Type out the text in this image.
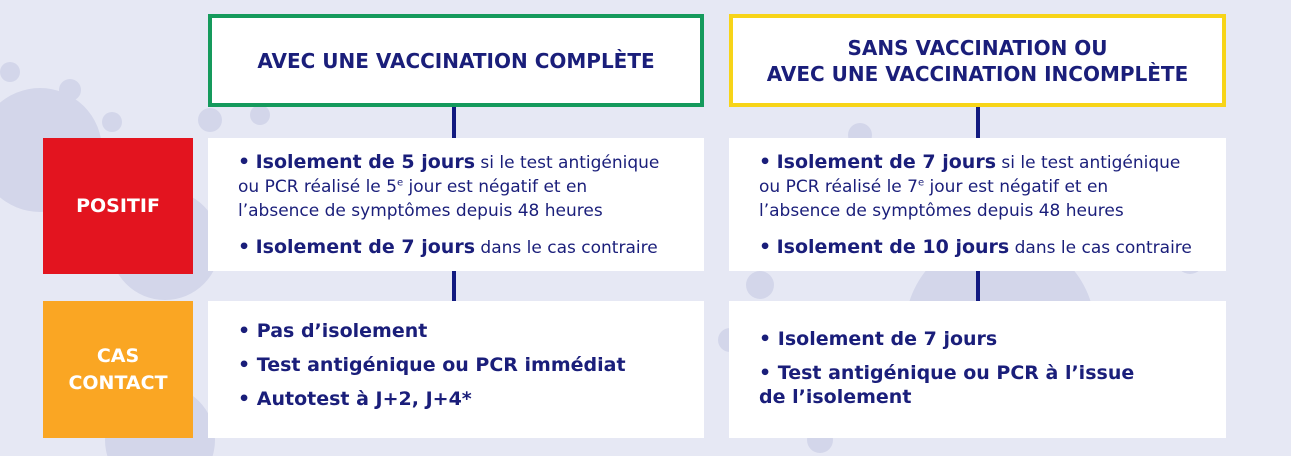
AVEC UNE VACCINATION COMPLÈTE
SANS VACCINATION OU
AVEC UNE VACCINATION INCOMPLÈTE
POSITIF
CAS
CONTACT

• Isolement de 5 jours si le test antigénique
ou PCR réalisé le 5e jour est négatif et en
l’absence de symptômes depuis 48 heures

• Isolement de 7 jours dans le cas contraire

• Isolement de 7 jours si le test antigénique
ou PCR réalisé le 7e jour est négatif et en
l’absence de symptômes depuis 48 heures

• Isolement de 10 jours dans le cas contraire

• Pas d’isolement
• Test antigénique ou PCR immédiat
• Autotest à J+2, J+4*
• Isolement de 7 jours
• Test antigénique ou PCR à l’issue
de l’isolement
